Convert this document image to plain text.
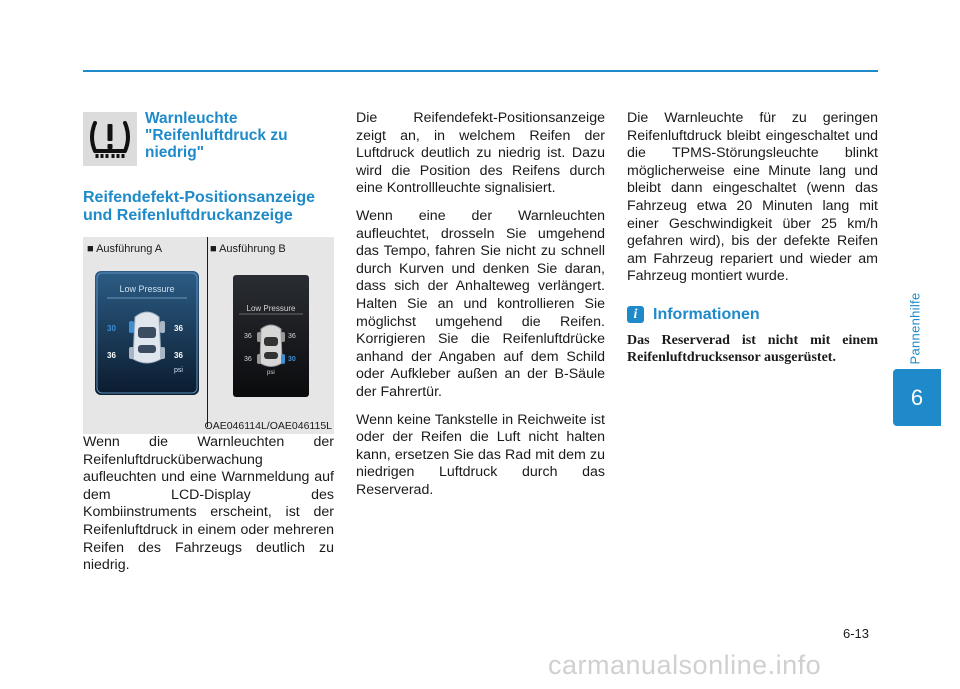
Pannenhilfe
6
Warnleuchte "Reifenluftdruck zu niedrig"
Reifendefekt-Positionsanzeige und Reifenluftdruckanzeige
■ Ausführung A	■ Ausführung B
Low Pressure
30	36
36	36
psi
Low Pressure
36	36
36	30
psi
OAE046114L/OAE046115L

Wenn die Warnleuchten der Reifenluftdrucküberwachung aufleuchten und eine Warnmeldung auf dem LCD-Display des Kombiinstruments erscheint, ist der Reifenluftdruck in einem oder mehreren Reifen des Fahrzeugs deutlich zu niedrig.

Die Reifendefekt-Positionsanzeige zeigt an, in welchem Reifen der Luftdruck deutlich zu niedrig ist. Dazu wird die Position des Reifens durch eine Kontrollleuchte signalisiert.

Wenn eine der Warnleuchten aufleuchtet, drosseln Sie umgehend das Tempo, fahren Sie nicht zu schnell durch Kurven und denken Sie daran, dass sich der Anhalteweg verlängert. Halten Sie an und kontrollieren Sie möglichst umgehend die Reifen. Korrigieren Sie die Reifenluftdrücke anhand der Angaben auf dem Schild oder Aufkleber außen an der B-Säule der Fahrertür.

Wenn keine Tankstelle in Reichweite ist oder der Reifen die Luft nicht halten kann, ersetzen Sie das Rad mit dem zu niedrigen Luftdruck durch das Reserverad.

Die Warnleuchte für zu geringen Reifenluftdruck bleibt eingeschaltet und die TPMS-Störungsleuchte blinkt möglicherweise eine Minute lang und bleibt dann eingeschaltet (wenn das Fahrzeug etwa 20 Minuten lang mit einer Geschwindigkeit über 25 km/h gefahren wird), bis der defekte Reifen am Fahrzeug repariert und wieder am Fahrzeug montiert wurde.

i Informationen
Das Reserverad ist nicht mit einem Reifenluftdrucksensor ausgerüstet.
6-13
carmanualsonline.info
